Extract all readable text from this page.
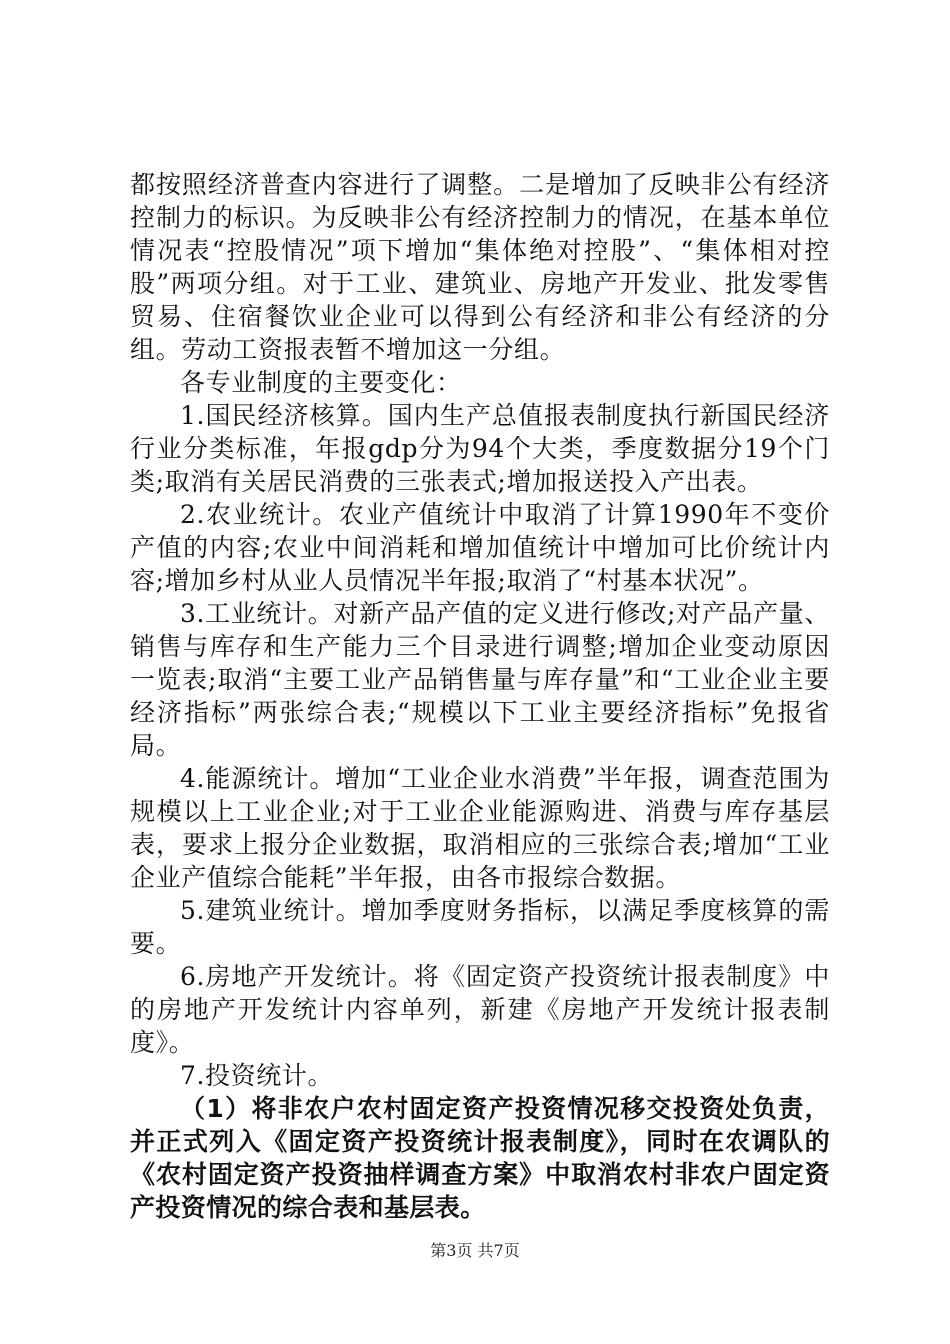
都按照经济普查内容进行了调整。二是增加了反映非公有经济控制力的标识。为反映非公有经济控制力的情况，在基本单位情况表“控股情况”项下增加“集体绝对控股”、“集体相对控股”两项分组。对于工业、建筑业、房地产开发业、批发零售贸易、住宿餐饮业企业可以得到公有经济和非公有经济的分组。劳动工资报表暂不增加这一分组。

各专业制度的主要变化：

1.国民经济核算。国内生产总值报表制度执行新国民经济行业分类标准，年报gdp分为94个大类，季度数据分19个门类;取消有关居民消费的三张表式;增加报送投入产出表。

2.农业统计。农业产值统计中取消了计算1990年不变价产值的内容;农业中间消耗和增加值统计中增加可比价统计内容;增加乡村从业人员情况半年报;取消了“村基本状况”。

3.工业统计。对新产品产值的定义进行修改;对产品产量、销售与库存和生产能力三个目录进行调整;增加企业变动原因一览表;取消“主要工业产品销售量与库存量”和“工业企业主要经济指标”两张综合表;“规模以下工业主要经济指标”免报省局。

4.能源统计。增加“工业企业水消费”半年报，调查范围为规模以上工业企业;对于工业企业能源购进、消费与库存基层表，要求上报分企业数据，取消相应的三张综合表;增加“工业企业产值综合能耗”半年报，由各市报综合数据。

5.建筑业统计。增加季度财务指标，以满足季度核算的需要。

6.房地产开发统计。将《固定资产投资统计报表制度》中的房地产开发统计内容单列，新建《房地产开发统计报表制度》。

7.投资统计。

（1）将非农户农村固定资产投资情况移交投资处负责，并正式列入《固定资产投资统计报表制度》，同时在农调队的《农村固定资产投资抽样调查方案》中取消农村非农户固定资产投资情况的综合表和基层表。

第3页 共7页
